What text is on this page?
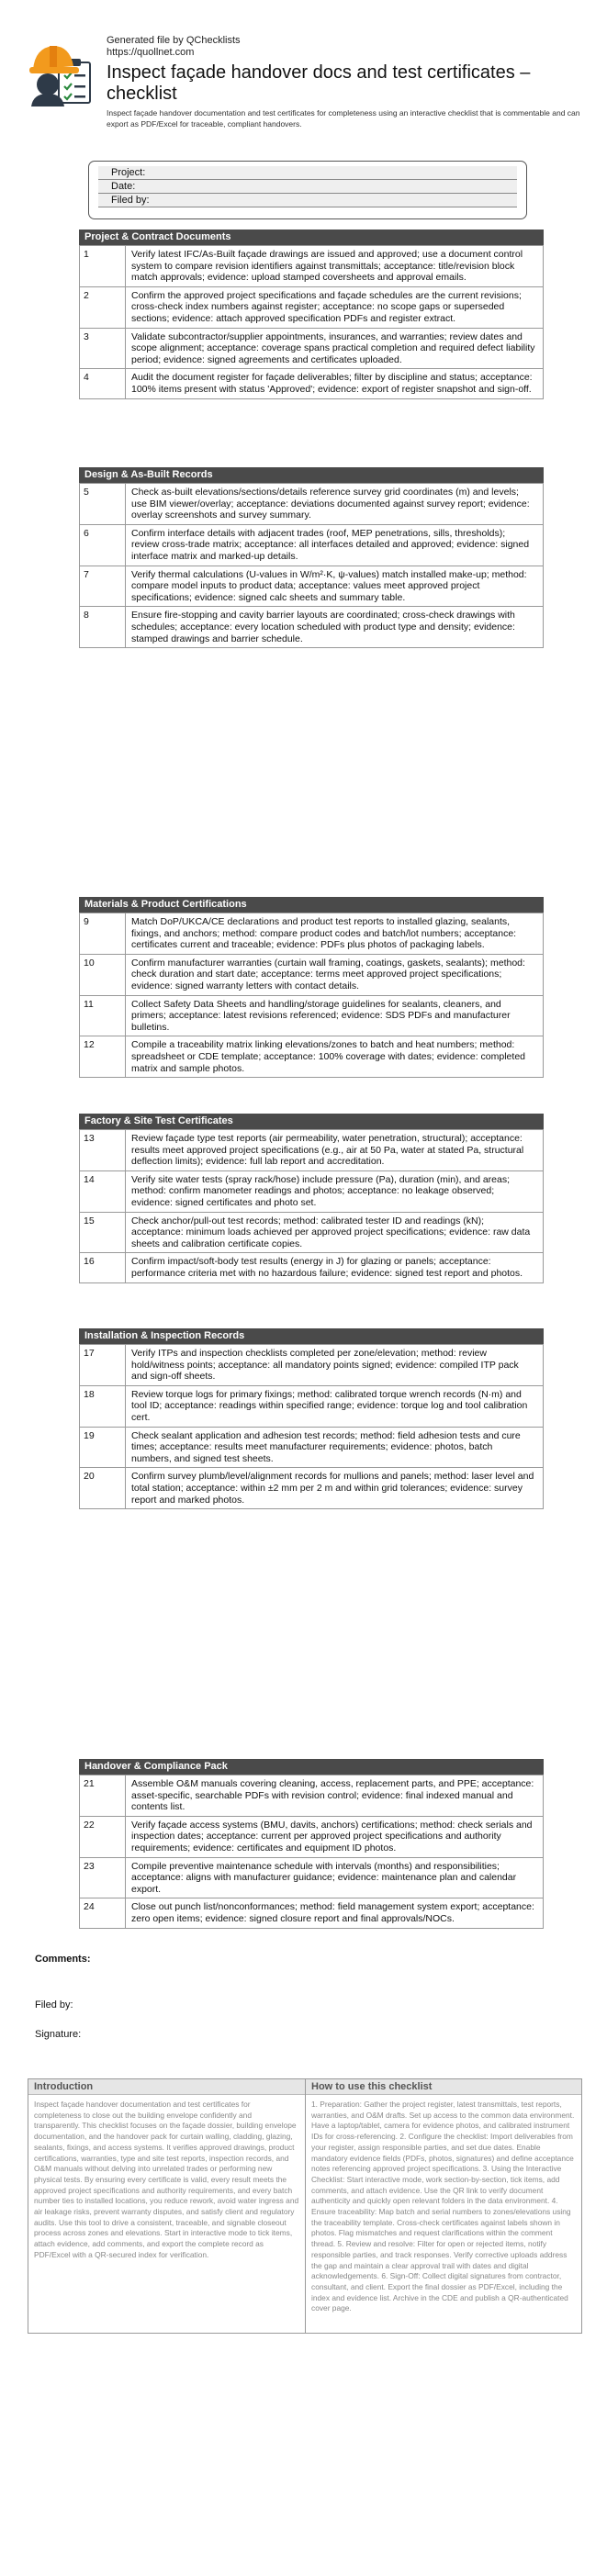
Generated file by QChecklists
https://quollnet.com
Inspect façade handover docs and test certificates – checklist
Inspect façade handover documentation and test certificates for completeness using an interactive checklist that is commentable and can export as PDF/Excel for traceable, compliant handovers.
Project:
Date:
Filed by:
Project & Contract Documents
1	Verify latest IFC/As-Built façade drawings are issued and approved; use a document control system to compare revision identifiers against transmittals; acceptance: title/revision block match approvals; evidence: upload stamped coversheets and approval emails.
2	Confirm the approved project specifications and façade schedules are the current revisions; cross-check index numbers against register; acceptance: no scope gaps or superseded sections; evidence: attach approved specification PDFs and register extract.
3	Validate subcontractor/supplier appointments, insurances, and warranties; review dates and scope alignment; acceptance: coverage spans practical completion and required defect liability period; evidence: signed agreements and certificates uploaded.
4	Audit the document register for façade deliverables; filter by discipline and status; acceptance: 100% items present with status 'Approved'; evidence: export of register snapshot and sign-off.
Design & As-Built Records
5	Check as-built elevations/sections/details reference survey grid coordinates (m) and levels; use BIM viewer/overlay; acceptance: deviations documented against survey report; evidence: overlay screenshots and survey summary.
6	Confirm interface details with adjacent trades (roof, MEP penetrations, sills, thresholds); review cross-trade matrix; acceptance: all interfaces detailed and approved; evidence: signed interface matrix and marked-up details.
7	Verify thermal calculations (U-values in W/m²·K, ψ-values) match installed make-up; method: compare model inputs to product data; acceptance: values meet approved project specifications; evidence: signed calc sheets and summary table.
8	Ensure fire-stopping and cavity barrier layouts are coordinated; cross-check drawings with schedules; acceptance: every location scheduled with product type and density; evidence: stamped drawings and barrier schedule.
Materials & Product Certifications
9	Match DoP/UKCA/CE declarations and product test reports to installed glazing, sealants, fixings, and anchors; method: compare product codes and batch/lot numbers; acceptance: certificates current and traceable; evidence: PDFs plus photos of packaging labels.
10	Confirm manufacturer warranties (curtain wall framing, coatings, gaskets, sealants); method: check duration and start date; acceptance: terms meet approved project specifications; evidence: signed warranty letters with contact details.
11	Collect Safety Data Sheets and handling/storage guidelines for sealants, cleaners, and primers; acceptance: latest revisions referenced; evidence: SDS PDFs and manufacturer bulletins.
12	Compile a traceability matrix linking elevations/zones to batch and heat numbers; method: spreadsheet or CDE template; acceptance: 100% coverage with dates; evidence: completed matrix and sample photos.
Factory & Site Test Certificates
13	Review façade type test reports (air permeability, water penetration, structural); acceptance: results meet approved project specifications (e.g., air at 50 Pa, water at stated Pa, structural deflection limits); evidence: full lab report and accreditation.
14	Verify site water tests (spray rack/hose) include pressure (Pa), duration (min), and areas; method: confirm manometer readings and photos; acceptance: no leakage observed; evidence: signed certificates and photo set.
15	Check anchor/pull-out test records; method: calibrated tester ID and readings (kN); acceptance: minimum loads achieved per approved project specifications; evidence: raw data sheets and calibration certificate copies.
16	Confirm impact/soft-body test results (energy in J) for glazing or panels; acceptance: performance criteria met with no hazardous failure; evidence: signed test report and photos.
Installation & Inspection Records
17	Verify ITPs and inspection checklists completed per zone/elevation; method: review hold/witness points; acceptance: all mandatory points signed; evidence: compiled ITP pack and sign-off sheets.
18	Review torque logs for primary fixings; method: calibrated torque wrench records (N·m) and tool ID; acceptance: readings within specified range; evidence: torque log and tool calibration cert.
19	Check sealant application and adhesion test records; method: field adhesion tests and cure times; acceptance: results meet manufacturer requirements; evidence: photos, batch numbers, and signed test sheets.
20	Confirm survey plumb/level/alignment records for mullions and panels; method: laser level and total station; acceptance: within ±2 mm per 2 m and within grid tolerances; evidence: survey report and marked photos.
Handover & Compliance Pack
21	Assemble O&M manuals covering cleaning, access, replacement parts, and PPE; acceptance: asset-specific, searchable PDFs with revision control; evidence: final indexed manual and contents list.
22	Verify façade access systems (BMU, davits, anchors) certifications; method: check serials and inspection dates; acceptance: current per approved project specifications and authority requirements; evidence: certificates and equipment ID photos.
23	Compile preventive maintenance schedule with intervals (months) and responsibilities; acceptance: aligns with manufacturer guidance; evidence: maintenance plan and calendar export.
24	Close out punch list/nonconformances; method: field management system export; acceptance: zero open items; evidence: signed closure report and final approvals/NOCs.
Comments:
Filed by:
Signature:
Introduction
Inspect façade handover documentation and test certificates for completeness to close out the building envelope confidently and transparently. This checklist focuses on the façade dossier, building envelope documentation, and the handover pack for curtain walling, cladding, glazing, sealants, fixings, and access systems. It verifies approved drawings, product certifications, warranties, type and site test reports, inspection records, and O&M manuals without delving into unrelated trades or performing new physical tests. By ensuring every certificate is valid, every result meets the approved project specifications and authority requirements, and every batch number ties to installed locations, you reduce rework, avoid water ingress and air leakage risks, prevent warranty disputes, and satisfy client and regulatory audits. Use this tool to drive a consistent, traceable, and signable closeout process across zones and elevations. Start in interactive mode to tick items, attach evidence, add comments, and export the complete record as PDF/Excel with a QR-secured index for verification.
How to use this checklist
1. Preparation: Gather the project register, latest transmittals, test reports, warranties, and O&M drafts. Set up access to the common data environment. Have a laptop/tablet, camera for evidence photos, and calibrated instrument IDs for cross-referencing. 2. Configure the checklist: Import deliverables from your register, assign responsible parties, and set due dates. Enable mandatory evidence fields (PDFs, photos, signatures) and define acceptance notes referencing approved project specifications. 3. Using the Interactive Checklist: Start interactive mode, work section-by-section, tick items, add comments, and attach evidence. Use the QR link to verify document authenticity and quickly open relevant folders in the data environment. 4. Ensure traceability: Map batch and serial numbers to zones/elevations using the traceability template. Cross-check certificates against labels shown in photos. Flag mismatches and request clarifications within the comment thread. 5. Review and resolve: Filter for open or rejected items, notify responsible parties, and track responses. Verify corrective uploads address the gap and maintain a clear approval trail with dates and digital acknowledgements. 6. Sign-Off: Collect digital signatures from contractor, consultant, and client. Export the final dossier as PDF/Excel, including the index and evidence list. Archive in the CDE and publish a QR-authenticated cover page.
